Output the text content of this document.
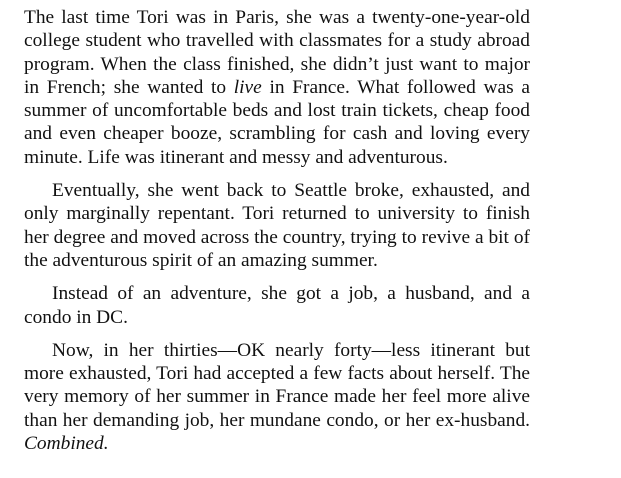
The last time Tori was in Paris, she was a twenty-one-year-old college student who travelled with classmates for a study abroad program. When the class finished, she didn’t just want to major in French; she wanted to live in France. What followed was a summer of uncomfortable beds and lost train tickets, cheap food and even cheaper booze, scrambling for cash and loving every minute. Life was itinerant and messy and adventurous.

Eventually, she went back to Seattle broke, exhausted, and only marginally repentant. Tori returned to university to finish her degree and moved across the country, trying to revive a bit of the adventurous spirit of an amazing summer.

Instead of an adventure, she got a job, a husband, and a condo in DC.

Now, in her thirties—OK nearly forty—less itinerant but more exhausted, Tori had accepted a few facts about herself. The very memory of her summer in France made her feel more alive than her demanding job, her mundane condo, or her ex-husband. Combined.
